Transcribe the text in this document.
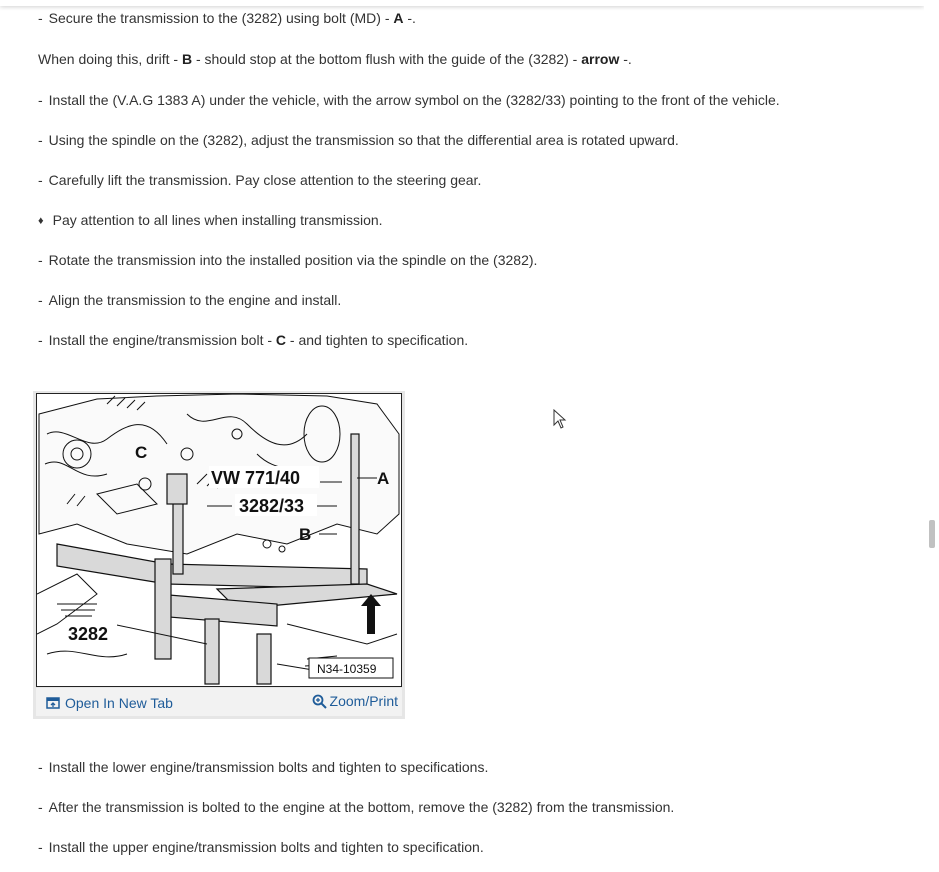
- Secure the transmission to the (3282) using bolt (MD) - A -.
When doing this, drift - B - should stop at the bottom flush with the guide of the (3282) - arrow -.
- Install the (V.A.G 1383 A) under the vehicle, with the arrow symbol on the (3282/33) pointing to the front of the vehicle.
- Using the spindle on the (3282), adjust the transmission so that the differential area is rotated upward.
- Carefully lift the transmission. Pay close attention to the steering gear.
♦ Pay attention to all lines when installing transmission.
- Rotate the transmission into the installed position via the spindle on the (3282).
- Align the transmission to the engine and install.
- Install the engine/transmission bolt - C - and tighten to specification.
VW 771/40
3282/33
A
B
C
3282
N34-10359
Open In New Tab	Zoom/Print
- Install the lower engine/transmission bolts and tighten to specifications.
- After the transmission is bolted to the engine at the bottom, remove the (3282) from the transmission.
- Install the upper engine/transmission bolts and tighten to specification.
